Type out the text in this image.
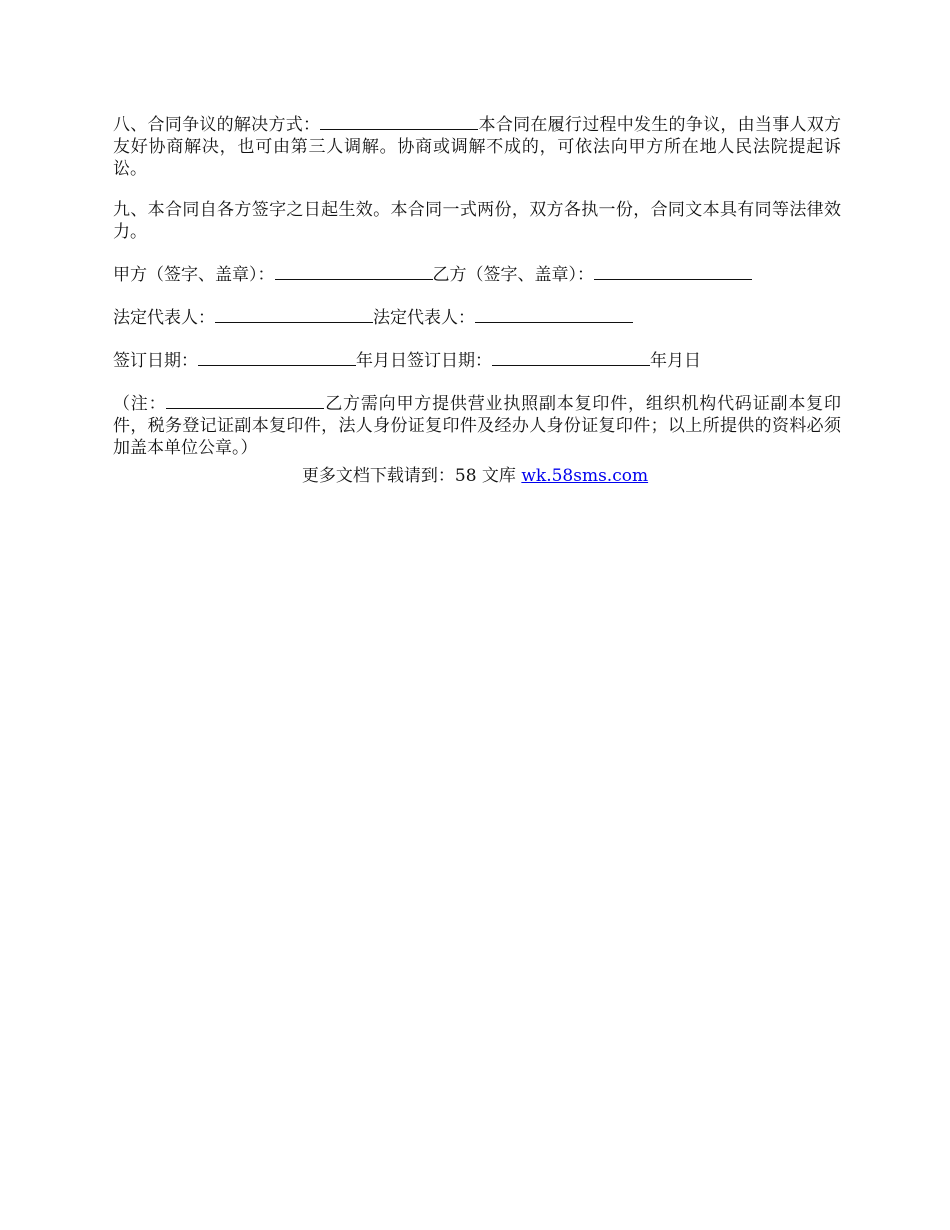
八、合同争议的解决方式：	本合同在履行过程中发生的争议，由当事人双方友好协商解决，也可由第三人调解。协商或调解不成的，可依法向甲方所在地人民法院提起诉讼。

九、本合同自各方签字之日起生效。本合同一式两份，双方各执一份，合同文本具有同等法律效力。

甲方（签字、盖章）：	乙方（签字、盖章）：

法定代表人：	法定代表人：

签订日期：	年月日签订日期：	年月日

（注：	乙方需向甲方提供营业执照副本复印件，组织机构代码证副本复印件，税务登记证副本复印件，法人身份证复印件及经办人身份证复印件；以上所提供的资料必须加盖本单位公章。）

更多文档下载请到：58 文库 wk.58sms.com
